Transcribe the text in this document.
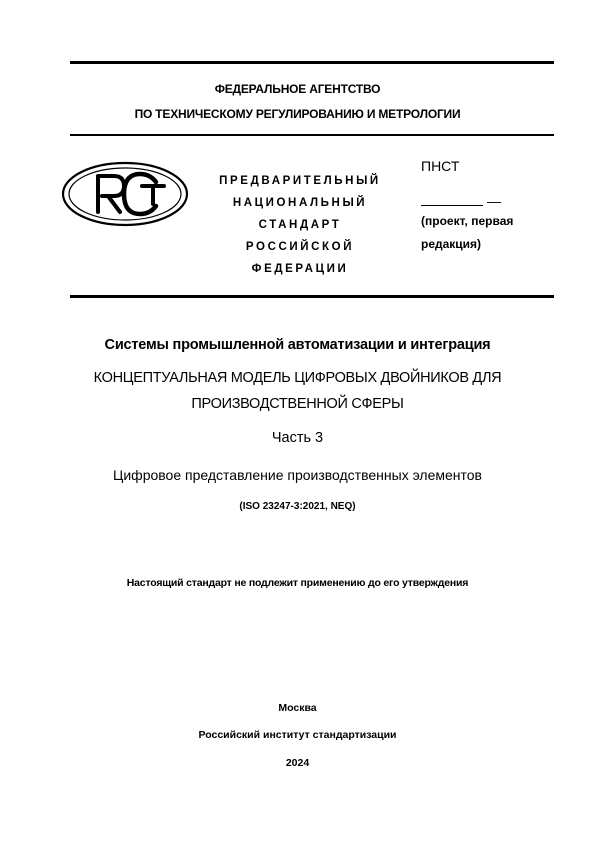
ФЕДЕРАЛЬНОЕ АГЕНТСТВО
ПО ТЕХНИЧЕСКОМУ РЕГУЛИРОВАНИЮ И МЕТРОЛОГИИ
ПРЕДВАРИТЕЛЬНЫЙ
НАЦИОНАЛЬНЫЙ
СТАНДАРТ
РОССИЙСКОЙ
ФЕДЕРАЦИИ
ПНСТ
—
(проект, первая
редакция)
Системы промышленной автоматизации и интеграция
КОНЦЕПТУАЛЬНАЯ МОДЕЛЬ ЦИФРОВЫХ ДВОЙНИКОВ ДЛЯ
ПРОИЗВОДСТВЕННОЙ СФЕРЫ
Часть 3
Цифровое представление производственных элементов
(ISO 23247-3:2021, NEQ)
Настоящий стандарт не подлежит применению до его утверждения
Москва
Российский институт стандартизации
2024
